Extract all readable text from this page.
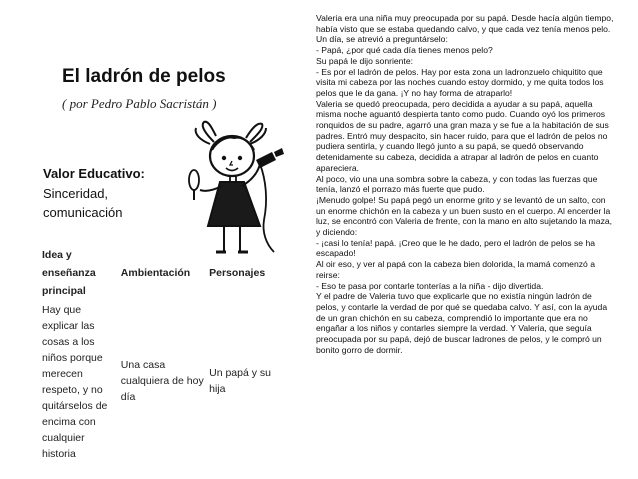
El ladrón de pelos
( por Pedro Pablo Sacristán )
Valor Educativo:
Sinceridad,
comunicación
Idea y enseñanza principal	Ambientación	Personajes
Hay que explicar las cosas a los niños porque merecen respeto, y no quitárselos de encima con cualquier historia	Una casa cualquiera de hoy día	Un papá y su hija

Valeria era una niña muy preocupada por su papá. Desde hacía algún tiempo, había visto que se estaba quedando calvo, y que cada vez tenía menos pelo. Un día, se atrevió a preguntárselo:

- Papá, ¿por qué cada día tienes menos pelo?

Su papá le dijo sonriente:

- Es por el ladrón de pelos. Hay por esta zona un ladronzuelo chiquitito que visita mi cabeza por las noches cuando estoy dormido, y me quita todos los pelos que le da gana. ¡Y no hay forma de atraparlo!

Valeria se quedó preocupada, pero decidida a ayudar a su papá, aquella misma noche aguantó despierta tanto como pudo. Cuando oyó los primeros ronquidos de su padre, agarró una gran maza y se fue a la habitación de sus padres. Entró muy despacito, sin hacer ruido, para que el ladrón de pelos no pudiera sentirla, y cuando llegó junto a su papá, se quedó observando detenidamente su cabeza, decidida a atrapar al ladrón de pelos en cuanto apareciera.

Al poco, vio una una sombra sobre la cabeza, y con todas las fuerzas que tenía, lanzó el porrazo más fuerte que pudo.

¡Menudo golpe! Su papá pegó un enorme grito y se levantó de un salto, con un enorme chichón en la cabeza y un buen susto en el cuerpo. Al encerder la luz, se encontró con Valeria de frente, con la mano en alto sujetando la maza, y diciendo:

- ¡casi lo tenía! papá. ¡Creo que le he dado, pero el ladrón de pelos se ha escapado!

Al oir eso, y ver al papá con la cabeza bien dolorida, la mamá comenzó a reirse:

- Eso te pasa por contarle tonterías a la niña - dijo divertida.

Y el padre de Valeria tuvo que explicarle que no existía ningún ladrón de pelos, y contarle la verdad de por qué se quedaba calvo. Y así, con la ayuda de un gran chichón en su cabeza, comprendió lo importante que era no engañar a los niños y contarles siempre la verdad. Y Valeria, que seguía preocupada por su papá, dejó de buscar ladrones de pelos, y le compró un bonito gorro de dormir.
